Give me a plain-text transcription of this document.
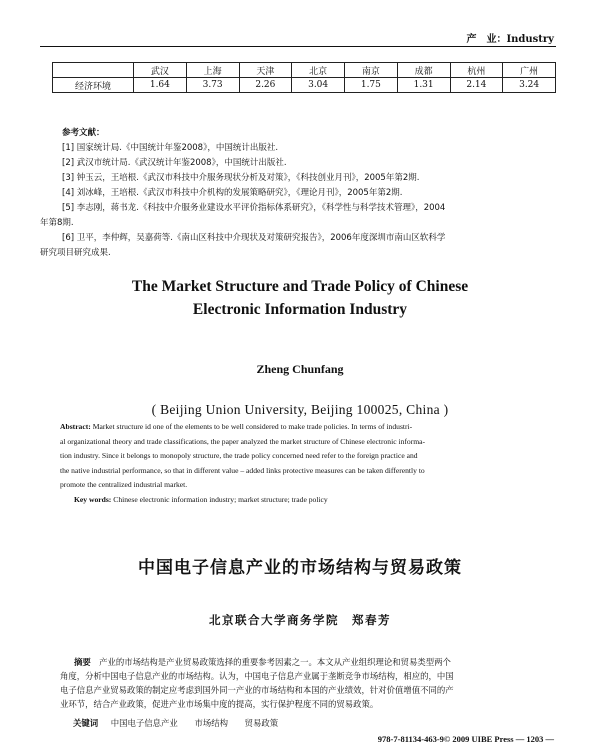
产　业：Industry
	武汉	上海	天津	北京	南京	成都	杭州	广州
经济环境	1.64	3.73	2.26	3.04	1.75	1.31	2.14	3.24
参考文献：
[1] 国家统计局.《中国统计年鉴2008》，中国统计出版社.
[2] 武汉市统计局.《武汉统计年鉴2008》，中国统计出版社.
[3] 钟玉云，王培根.《武汉市科技中介服务现状分析及对策》，《科技创业月刊》，2005年第2期.
[4] 刘冰峰，王培根.《武汉市科技中介机构的发展策略研究》，《理论月刊》，2005年第2期.
[5] 李志刚，蒋书龙.《科技中介服务业建设水平评价指标体系研究》，《科学性与科学技术管理》，2004
年第8期.
[6] 卫平，李仲辉，吴嘉荷等.《南山区科技中介现状及对策研究报告》，2006年度深圳市南山区软科学
研究项目研究成果.
The Market Structure and Trade Policy of Chinese
Electronic Information Industry
Zheng Chunfang
( Beijing Union University, Beijing 100025, China )
Abstract: Market structure id one of the elements to be well considered to make trade policies. In terms of industri-
al organizational theory and trade classifications, the paper analyzed the market structure of Chinese electronic informa-
tion industry. Since it belongs to monopoly structure, the trade policy concerned need refer to the foreign practice and
the native industrial performance, so that in different value – added links protective measures can be taken differently to
promote the centralized industrial market.
Key words: Chinese electronic information industry; market structure; trade policy
中国电子信息产业的市场结构与贸易政策
北京联合大学商务学院　郑春芳
摘要　 产业的市场结构是产业贸易政策选择的重要参考因素之一。本文从产业组织理论和贸易类型两个
角度，分析中国电子信息产业的市场结构。认为，中国电子信息产业属于垄断竞争市场结构，相应的，中国
电子信息产业贸易政策的制定应考虑到国外同一产业的市场结构和本国的产业绩效，针对价值增值不同的产
业环节，结合产业政策，促进产业市场集中度的提高，实行保护程度不同的贸易政策。
关键词 中国电子信息产业 市场结构 贸易政策
978-7-81134-463-9© 2009 UIBE Press — 1203 —
